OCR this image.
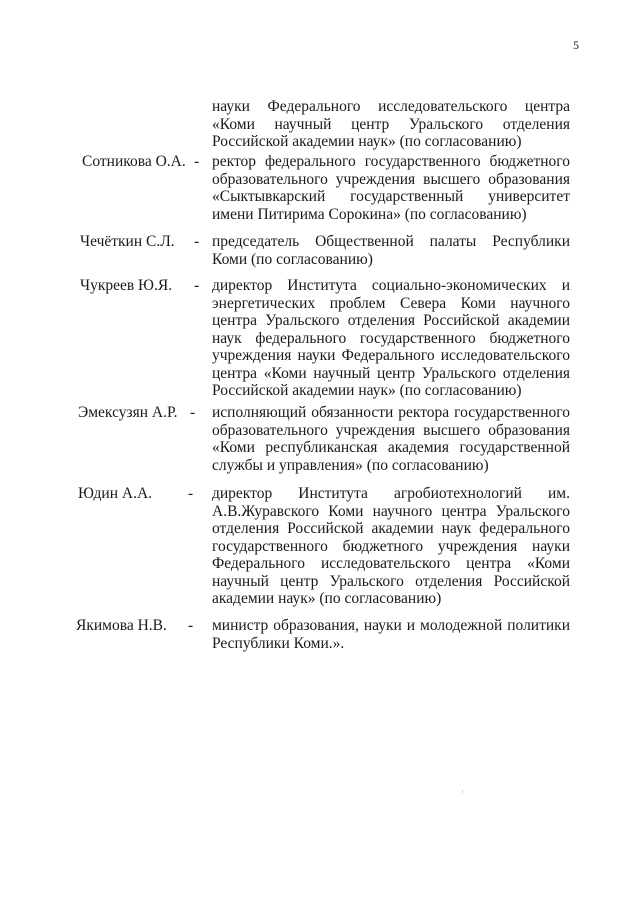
5
науки Федерального исследовательского центра «Коми научный центр Уральского отделения Российской академии наук» (по согласованию)
Сотникова О.А. - ректор федерального государственного бюджетного образовательного учреждения высшего образования «Сыктывкарский государственный университет имени Питирима Сорокина» (по согласованию)

Чечёткин С.Л. - председатель Общественной палаты Республики Коми (по согласованию)

Чукреев Ю.Я. - директор Института социально-экономических и энергетических проблем Севера Коми научного центра Уральского отделения Российской академии наук федерального государственного бюджетного учреждения науки Федерального исследовательского центра «Коми научный центр Уральского отделения Российской академии наук» (по согласованию)

Эмексузян А.Р. - исполняющий обязанности ректора государственного образовательного учреждения высшего образования «Коми республиканская академия государственной службы и управления» (по согласованию)

Юдин А.А. - директор Института агробиотехнологий им. А.В.Журавского Коми научного центра Уральского отделения Российской академии наук федерального государственного бюджетного учреждения науки Федерального исследовательского центра «Коми научный центр Уральского отделения Российской академии наук» (по согласованию)

Якимова Н.В. - министр образования, науки и молодежной политики Республики Коми.».
